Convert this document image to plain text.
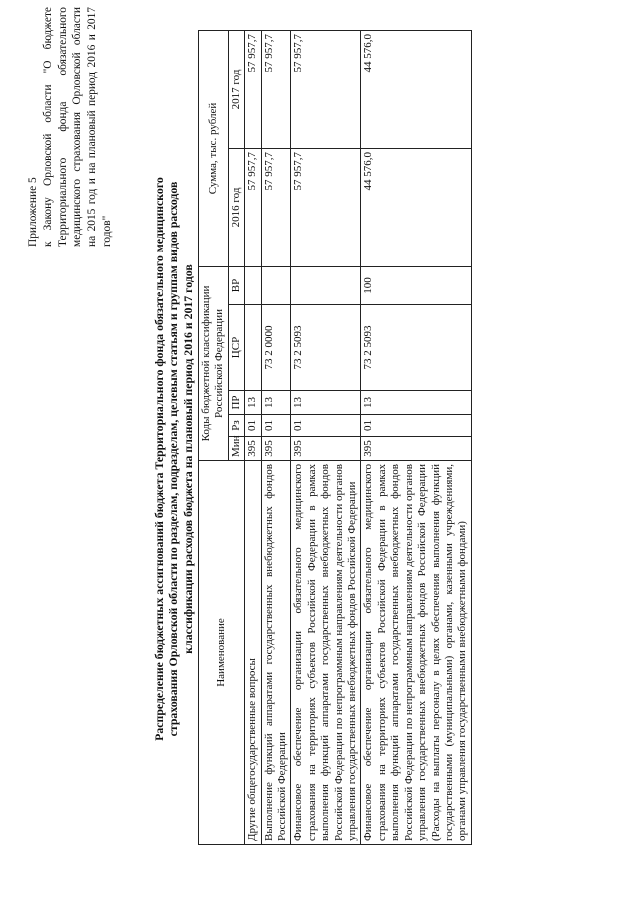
Приложение 5 к Закону Орловской области "О бюджете Территориального фонда обязательного медицинского страхования Орловской области на 2015 год и на плановый период 2016 и 2017 годов"	Распределение бюджетных ассигнований бюджета Территориального фонда обязательного медицинского страхования Орловской области по разделам, подразделам, целевым статьям и группам видов расходов классификации расходов бюджета на плановый период 2016 и 2017 годов Наименование	Коды бюджетной классификации Российской Федерации					Сумма, тыс. рублей	
	Мин	Рз	ПР	ЦСР	ВР	2016 год	2017 год
Другие общегосударственные вопросы	395	01	13			57 957,7	57 957,7
Выполнение функций аппаратами государственных внебюджетных фондов Российской Федерации	395	01	13	73 2 0000		57 957,7	57 957,7
Финансовое обеспечение организации обязательного медицинского страхования на территориях субъектов Российской Федерации в рамках выполнения функций аппаратами государственных внебюджетных фондов Российской Федерации по непрограммным направлениям деятельности органов управления государственных внебюджетных фондов Российской Федерации	395	01	13	73 2 5093		57 957,7	57 957,7
Финансовое обеспечение организации обязательного медицинского страхования на территориях субъектов Российской Федерации в рамках выполнения функций аппаратами государственных внебюджетных фондов Российской Федерации по непрограммным направлениям деятельности органов управления государственных внебюджетных фондов Российской Федерации (Расходы на выплаты персоналу в целях обеспечения выполнения функций государственными (муниципальными) органами, казенными учреждениями, органами управления государственными внебюджетными фондами)	395	01	13	73 2 5093	100	44 576,0	44 576,0
